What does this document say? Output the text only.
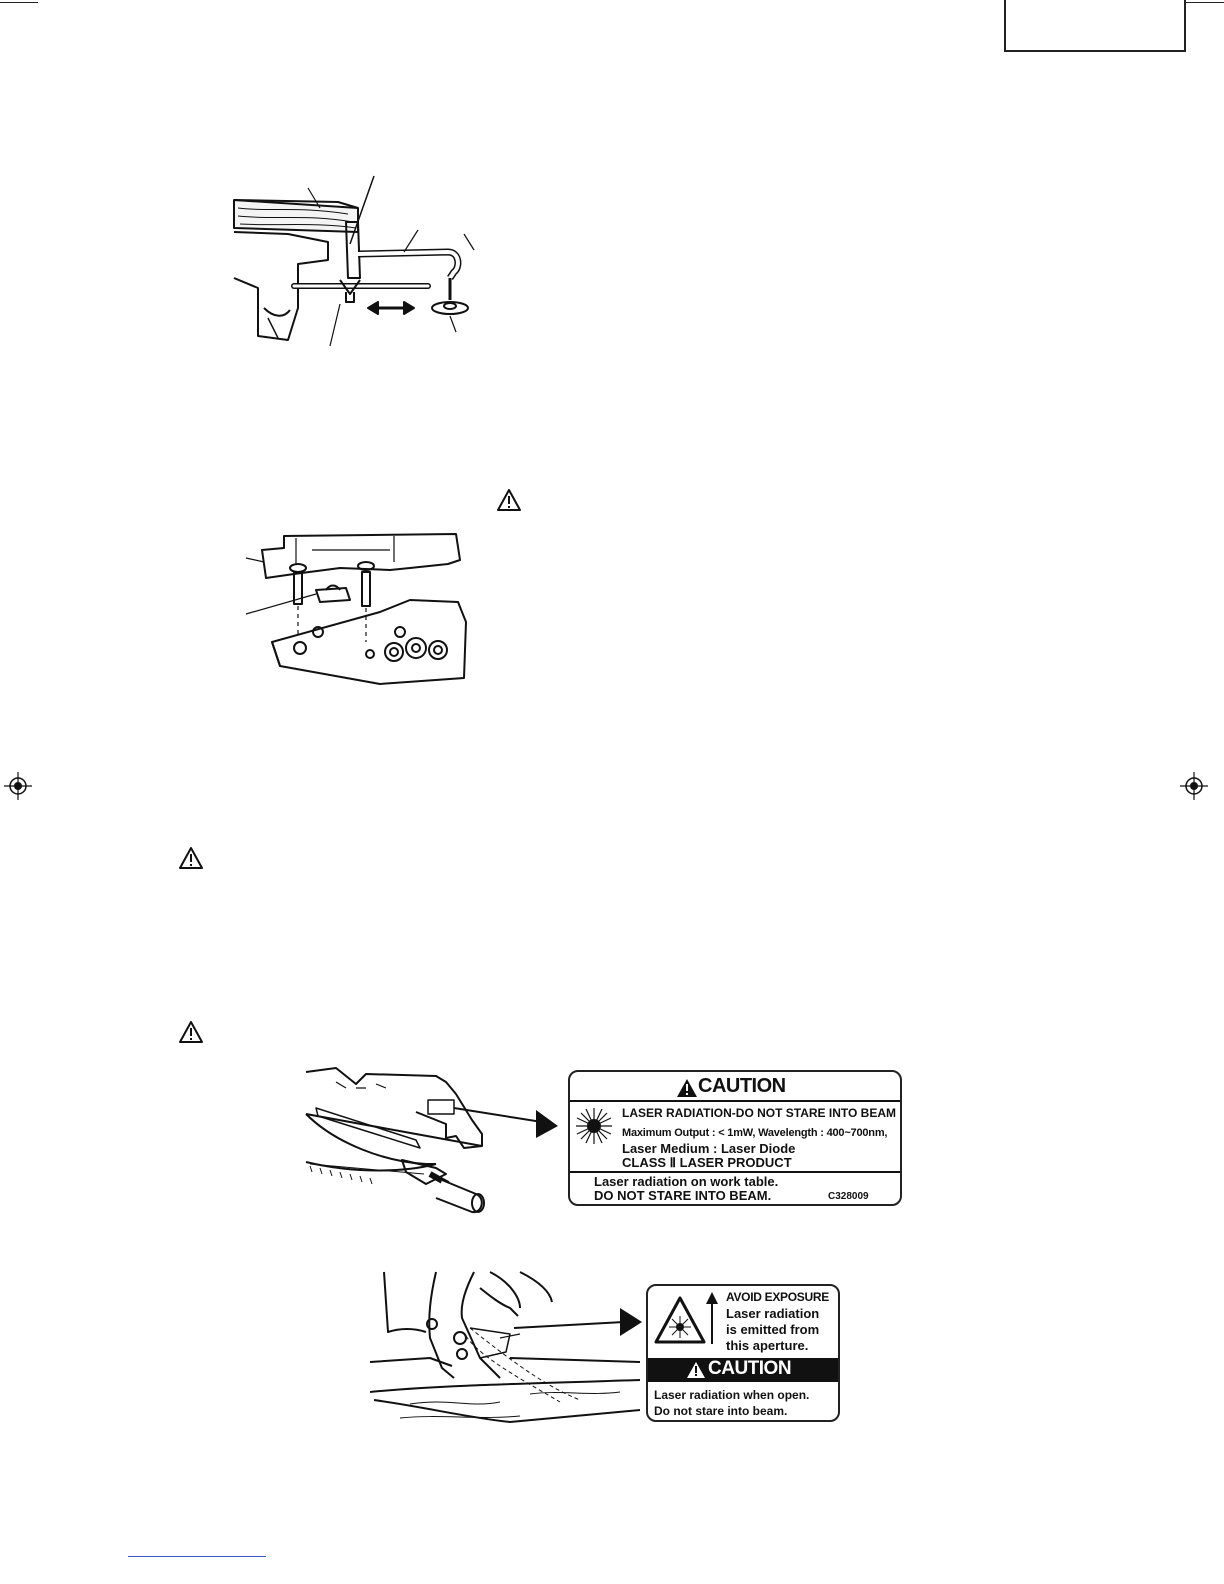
CAUTION
LASER RADIATION-DO NOT STARE INTO BEAM
Maximum Output : < 1mW, Wavelength : 400~700nm,
Laser Medium : Laser Diode
CLASS Ⅱ LASER PRODUCT
Laser radiation on work table.
DO NOT STARE INTO BEAM.	C328009
AVOID EXPOSURE
Laser radiation
is emitted from
this aperture.
CAUTION
Laser radiation when open.
Do not stare into beam.
